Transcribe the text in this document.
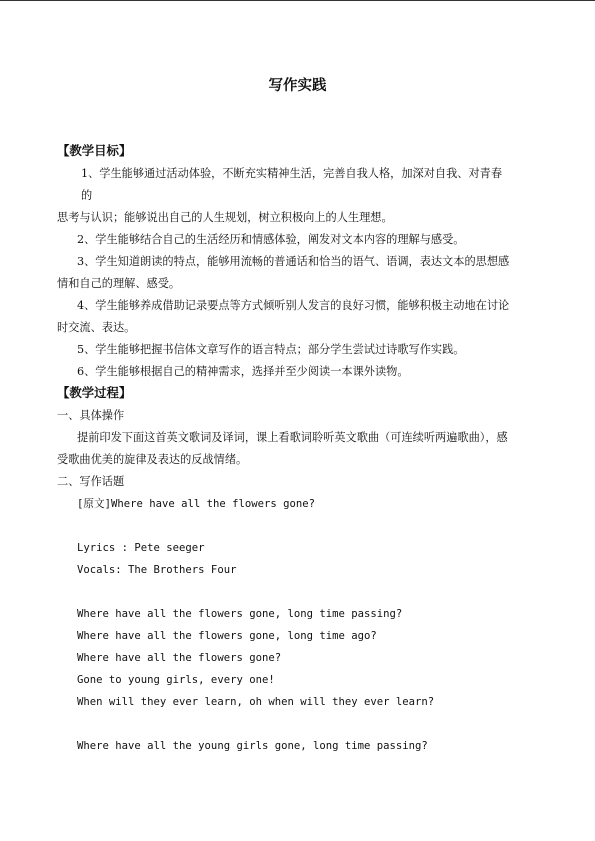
写作实践
【教学目标】
1、学生能够通过活动体验，不断充实精神生活，完善自我人格，加深对自我、对青春
的
思考与认识；能够说出自己的人生规划，树立积极向上的人生理想。
2、学生能够结合自己的生活经历和情感体验，阐发对文本内容的理解与感受。
3、学生知道朗读的特点，能够用流畅的普通话和恰当的语气、语调，表达文本的思想感
情和自己的理解、感受。
4、学生能够养成借助记录要点等方式倾听别人发言的良好习惯，能够积极主动地在讨论
时交流、表达。
5、学生能够把握书信体文章写作的语言特点；部分学生尝试过诗歌写作实践。
6、学生能够根据自己的精神需求，选择并至少阅读一本课外读物。
【教学过程】
一、具体操作
提前印发下面这首英文歌词及译词，课上看歌词聆听英文歌曲（可连续听两遍歌曲），感
受歌曲优美的旋律及表达的反战情绪。
二、写作话题
[原文]Where have all the flowers gone?
Lyrics : Pete seeger
Vocals: The Brothers Four
Where have all the flowers gone, long time passing?
Where have all the flowers gone, long time ago?
Where have all the flowers gone?
Gone to young girls, every one!
When will they ever learn, oh when will they ever learn?
Where have all the young girls gone, long time passing?
